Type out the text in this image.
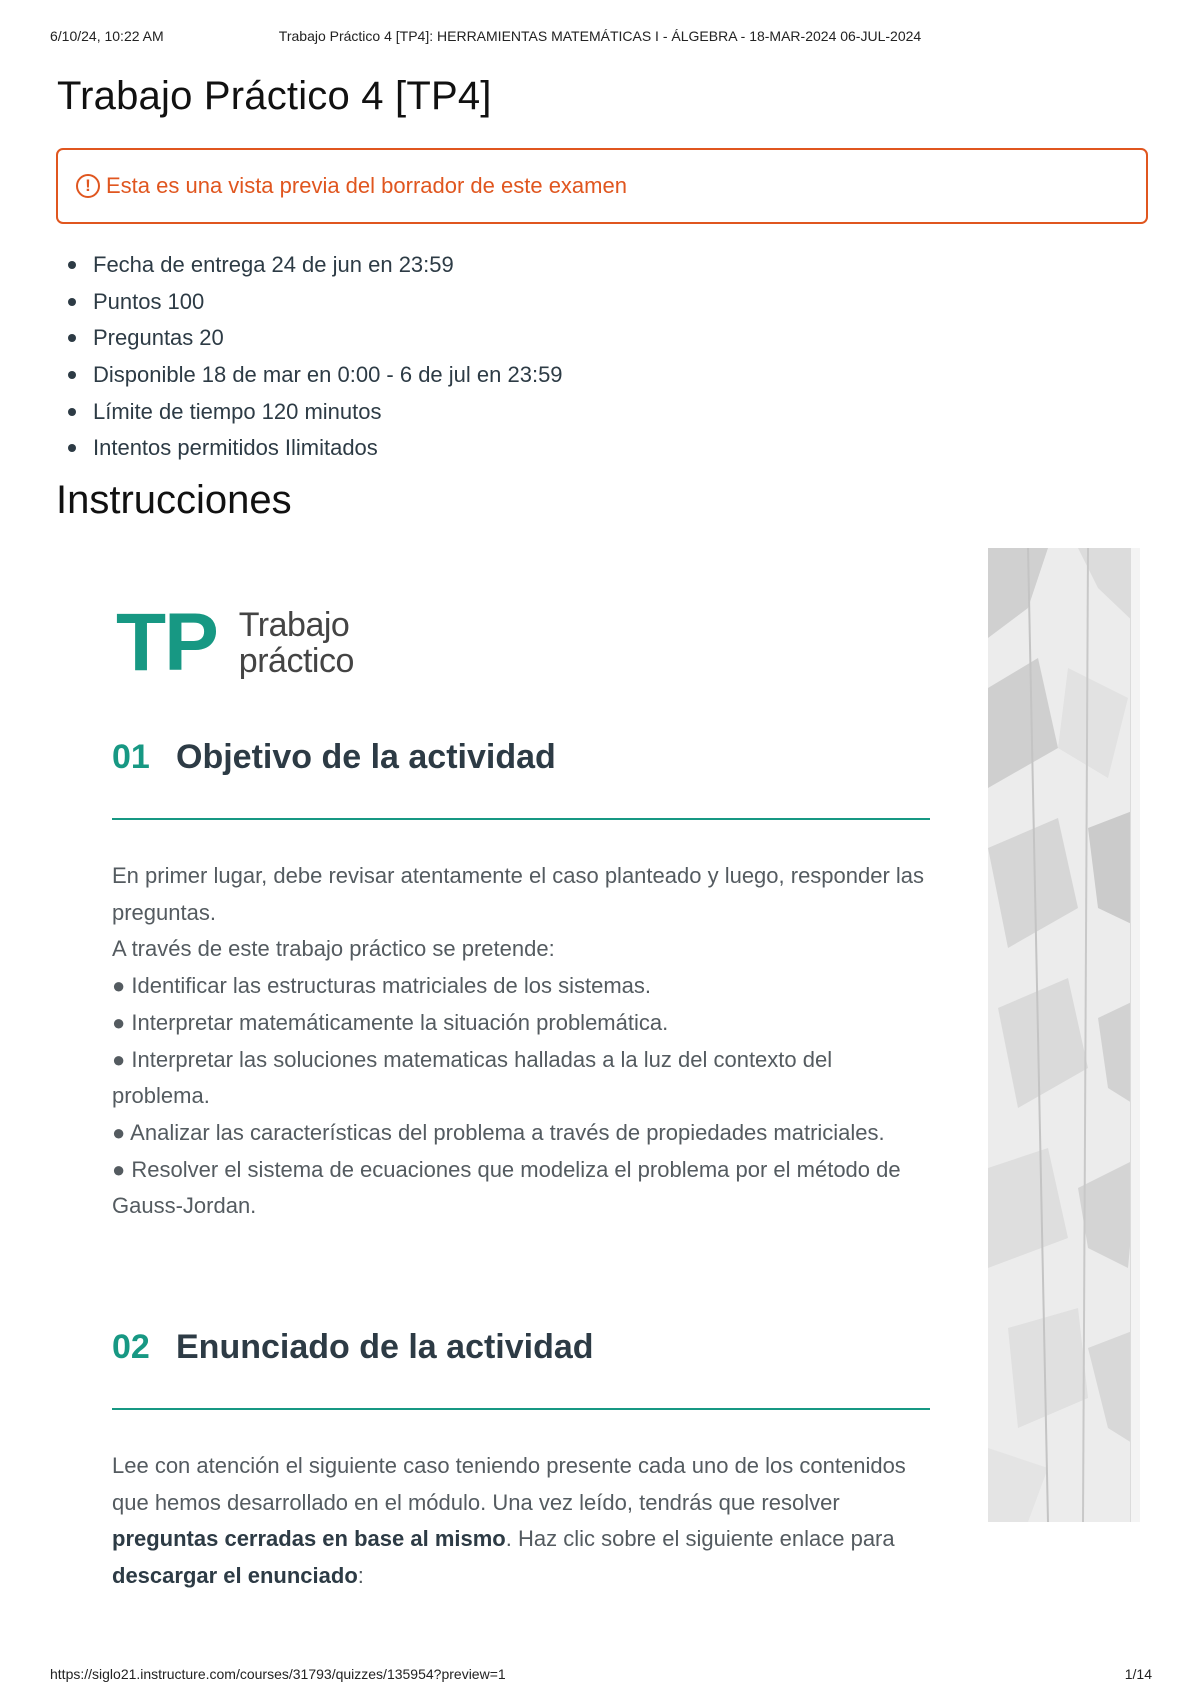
6/10/24, 10:22 AM	Trabajo Práctico 4 [TP4]: HERRAMIENTAS MATEMÁTICAS I - ÁLGEBRA - 18-MAR-2024 06-JUL-2024
Trabajo Práctico 4 [TP4]
! Esta es una vista previa del borrador de este examen
Fecha de entrega 24 de jun en 23:59
Puntos 100
Preguntas 20
Disponible 18 de mar en 0:00 - 6 de jul en 23:59
Límite de tiempo 120 minutos
Intentos permitidos Ilimitados
Instrucciones
TP Trabajo
práctico
01 Objetivo de la actividad

En primer lugar, debe revisar atentamente el caso planteado y luego, responder las preguntas.

A través de este trabajo práctico se pretende:

● Identificar las estructuras matriciales de los sistemas.

● Interpretar matemáticamente la situación problemática.

● Interpretar las soluciones matematicas halladas a la luz del contexto del problema.

● Analizar las características del problema a través de propiedades matriciales.

● Resolver el sistema de ecuaciones que modeliza el problema por el método de Gauss-Jordan.

02 Enunciado de la actividad

Lee con atención el siguiente caso teniendo presente cada uno de los contenidos que hemos desarrollado en el módulo. Una vez leído, tendrás que resolver preguntas cerradas en base al mismo. Haz clic sobre el siguiente enlace para descargar el enunciado:

https://siglo21.instructure.com/courses/31793/quizzes/135954?preview=1	1/14
